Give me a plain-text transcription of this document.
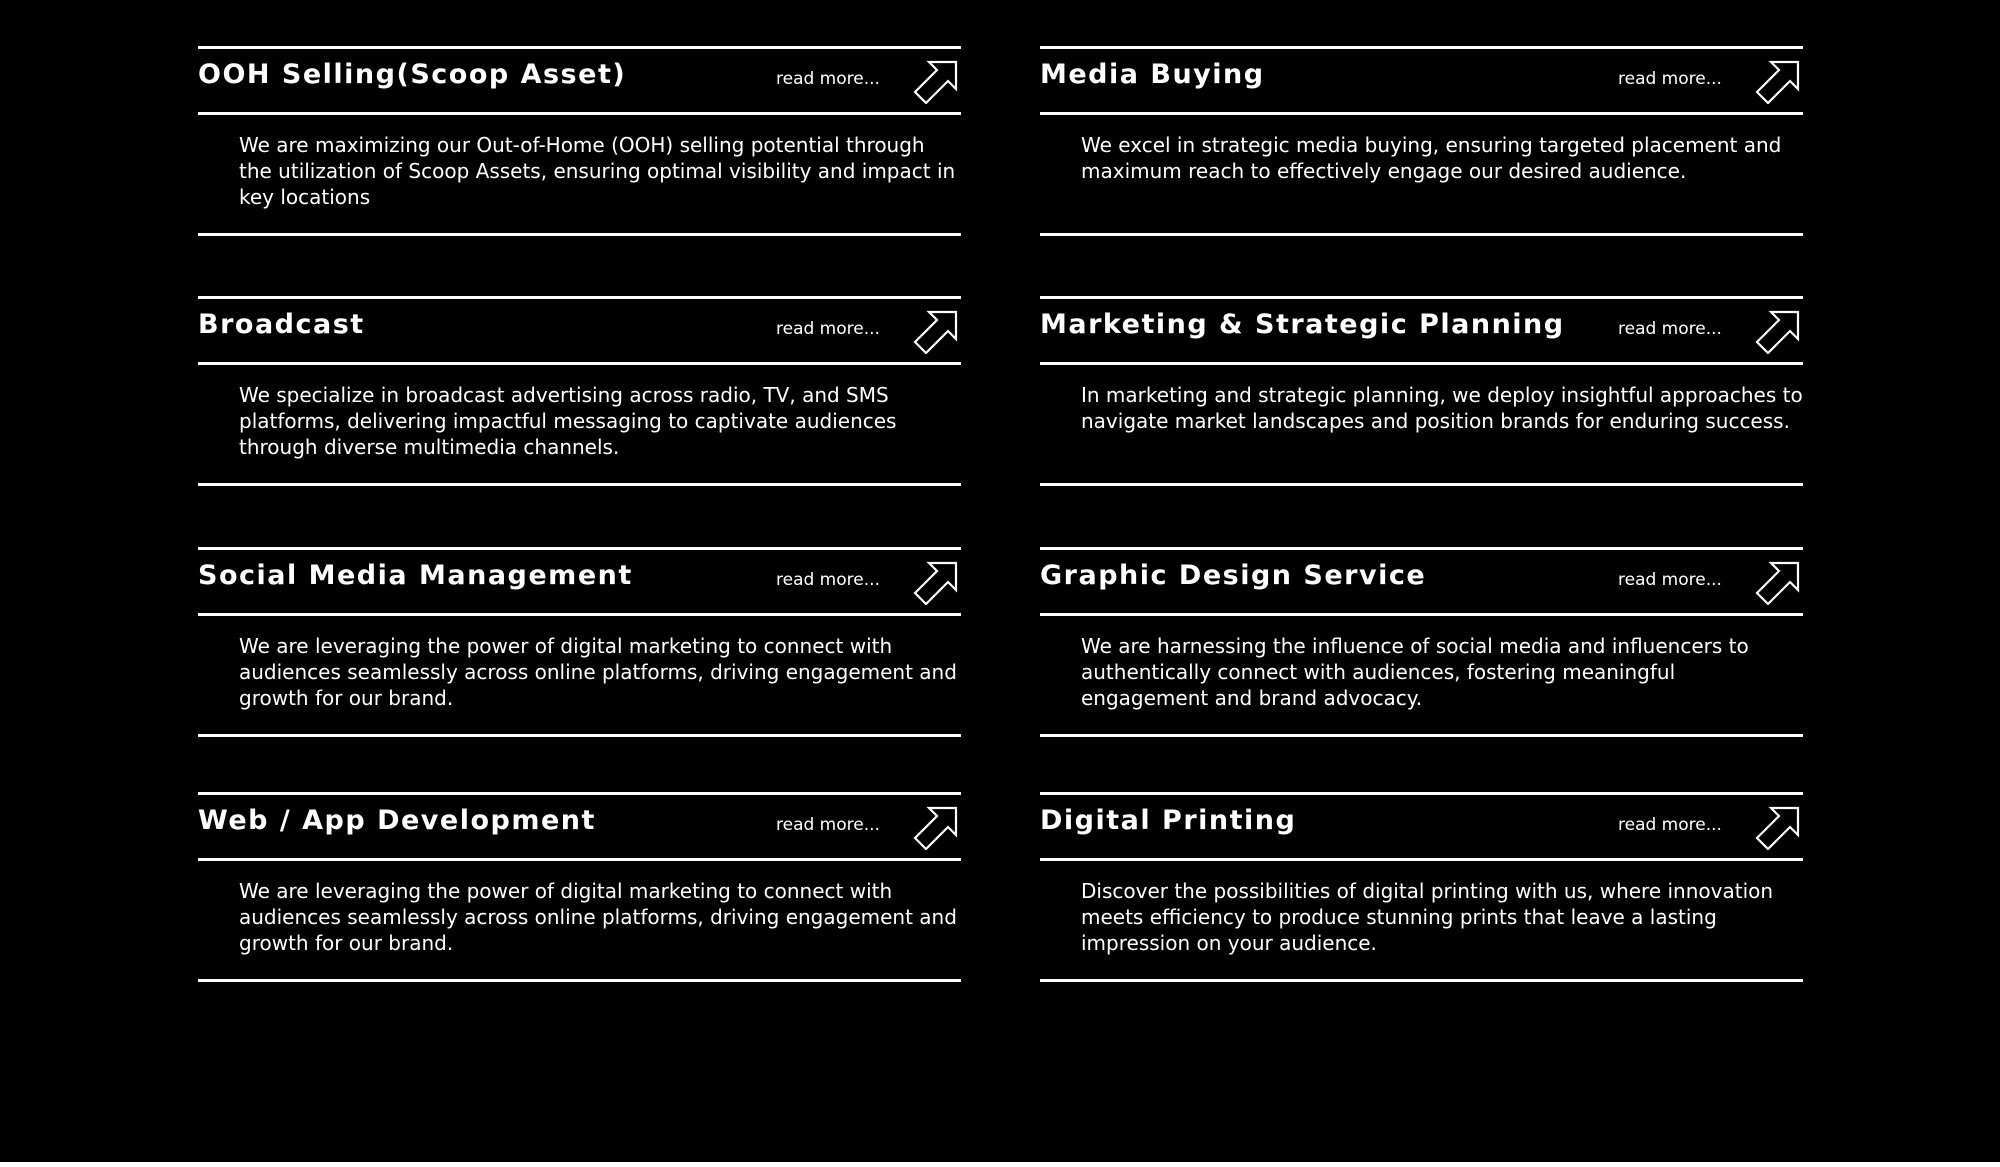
OOH Selling(Scoop Asset)	read more...
We are maximizing our Out-of-Home (OOH) selling potential through the utilization of Scoop Assets, ensuring optimal visibility and impact in key locations
Media Buying	read more...
We excel in strategic media buying, ensuring targeted placement and maximum reach to effectively engage our desired audience.
Broadcast	read more...
We specialize in broadcast advertising across radio, TV, and SMS platforms, delivering impactful messaging to captivate audiences through diverse multimedia channels.
Marketing & Strategic Planning	read more...
In marketing and strategic planning, we deploy insightful approaches to navigate market landscapes and position brands for enduring success.
Social Media Management	read more...
We are leveraging the power of digital marketing to connect with audiences seamlessly across online platforms, driving engagement and growth for our brand.
Graphic Design Service	read more...
We are harnessing the influence of social media and influencers to authentically connect with audiences, fostering meaningful engagement and brand advocacy.
Web / App Development	read more...
We are leveraging the power of digital marketing to connect with audiences seamlessly across online platforms, driving engagement and growth for our brand.
Digital Printing	read more...
Discover the possibilities of digital printing with us, where innovation meets efficiency to produce stunning prints that leave a lasting impression on your audience.
